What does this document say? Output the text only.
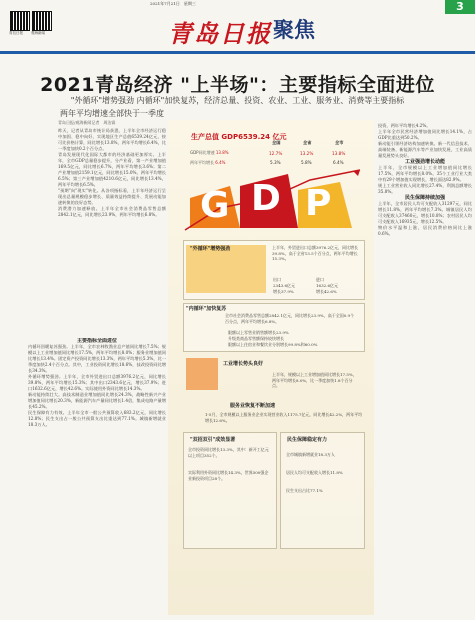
2021年7月21日　星期三	3
青岛日报 观海新闻	青岛日报 聚焦
2021青岛经济 "上半场"：主要指标全面进位
"外循环"增势强劲 内循环"加快复苏，经济总量、投资、农业、工业、服务业、消费等主要指标
两年平均增速全部快于一季度
青岛日报/观海新闻记者　周洁霖
昨天，记者从青岛市统计局获悉，上半年全市经济运行稳中加固、稳中向好，实现地区生产总值6539.24亿元，按可比价格计算，同比增长13.8%，两年平均增长6.4%，比一季度加快0.2个百分点。
青岛发展现代化国际大都市的经济基础更加厚实。上半年，全市GDP总量稳步提升，分产业看，第一产业增加值169.5亿元，同比增长6.7%，两年平均增长3.6%；第二产业增加值2159.1亿元，同比增长15.0%，两年平均增长6.5%；第三产业增加值4210.6亿元，同比增长13.4%，两年平均增长6.5%。
"预期"向"现实"转化。从各项指标看，上半年经济运行呈现出总量规模稳步增长、质量效益持续提升、发展动能加速转换的良好态势。
消费潜力加速释放。上半年全市社会消费品零售总额2842.1亿元，同比增长23.9%，两年平均增长6.8%。
主要指标全面进位
内循环回暖复苏强劲。上半年，全市农林牧渔业总产值同比增长7.5%；规模以上工业增加值同比增长17.5%，两年平均增长8.0%；服务业增加值同比增长13.4%。固定资产投资同比增长13.3%，两年平均增长5.3%，比一季度加快2.4个百分点。其中，工业投资同比增长18.6%，技改投资同比增长34.3%。
外循环增势强劲。上半年，全市外贸进出口总额3976.2亿元，同比增长39.8%，两年平均增长15.3%；其中出口2343.6亿元，增长37.9%；进口1632.6亿元，增长42.6%。实际使用外资同比增长14.3%。
新动能持续壮大。高技术制造业增加值同比增长24.3%，战略性新兴产业增加值同比增长20.3%，新能源汽车产量同比增长1.4倍，集成电路产量增长45.2%。
民生保障有力有效。上半年全市一般公共预算收入683.2亿元，同比增长12.8%；民生支出占一般公共预算支出比重达到77.1%。城镇新增就业18.3万人。
生产总值 GDP6539.24 亿元
GDP同比增速 13.8%
两年平均增长 6.4%
全国	全省	全市
12.7%	13.2%	13.8%
5.3%	5.8%	6.4%
G D P
"外循环"增势强劲	上半年，外贸进出口总额3976.2亿元，同比增长39.8%，高于全省13.5个百分点，两年平均增长15.3%。
出口
2343.6亿元
增长37.9%
进口
1632.6亿元
增长42.6%
"内循环"加快复苏
全市社会消费品零售总额2842.1亿元，同比增长23.9%，高于全国0.9个百分点，两年平均增长6.8%。
限额以上零售业销售额增长23.9%
升级类商品零售额保持较快增长
限额以上住宿业和餐饮业分别增长99.8%和60.0%
工业增长势头良好
上半年，规模以上工业增加值同比增长17.5%，两年平均增长8.0%，比一季度加快1.8个百分点。
服务业恢复不断加速
1-5月，全市规模以上服务业企业实现营业收入1175.7亿元，同比增长42.2%，两年平均增长12.6%。
"双招双引"成效显著
全市投资同比增长13.3%，其中：新开工亿元以上项目352个。
实际利用外资同比增长14.3%，世界500强企业新投资项目28个。
民生保障稳定有力
全市城镇新增就业18.3万人
居民人均可支配收入增长11.8%
民生支出占比77.1%
投资，两年平均增长4.2%。
上半年全市民营经济增加值同比增长14.1%，占GDP比重达到50.2%。
新动能引领经济结构加速转换。新一代信息技术、高端装备、新能源汽车等产业加快发展，工业高质量发展势头良好。
工业强劲增长动能
上半年，全市规模以上工业增加值同比增长17.5%，两年平均增长8.0%。35个工业行业大类中有29个增加值实现增长，增长面达82.9%。
规上工业营业收入同比增长27.4%，利润总额增长35.8%。
民生保障持续加强
上半年，全市居民人均可支配收入31297元，同比增长11.8%，两年平均增长7.3%。城镇居民人均可支配收入37460元，增长10.8%；农村居民人均可支配收入16935元，增长12.5%。
物价水平温和上涨，居民消费价格同比上涨0.6%。
